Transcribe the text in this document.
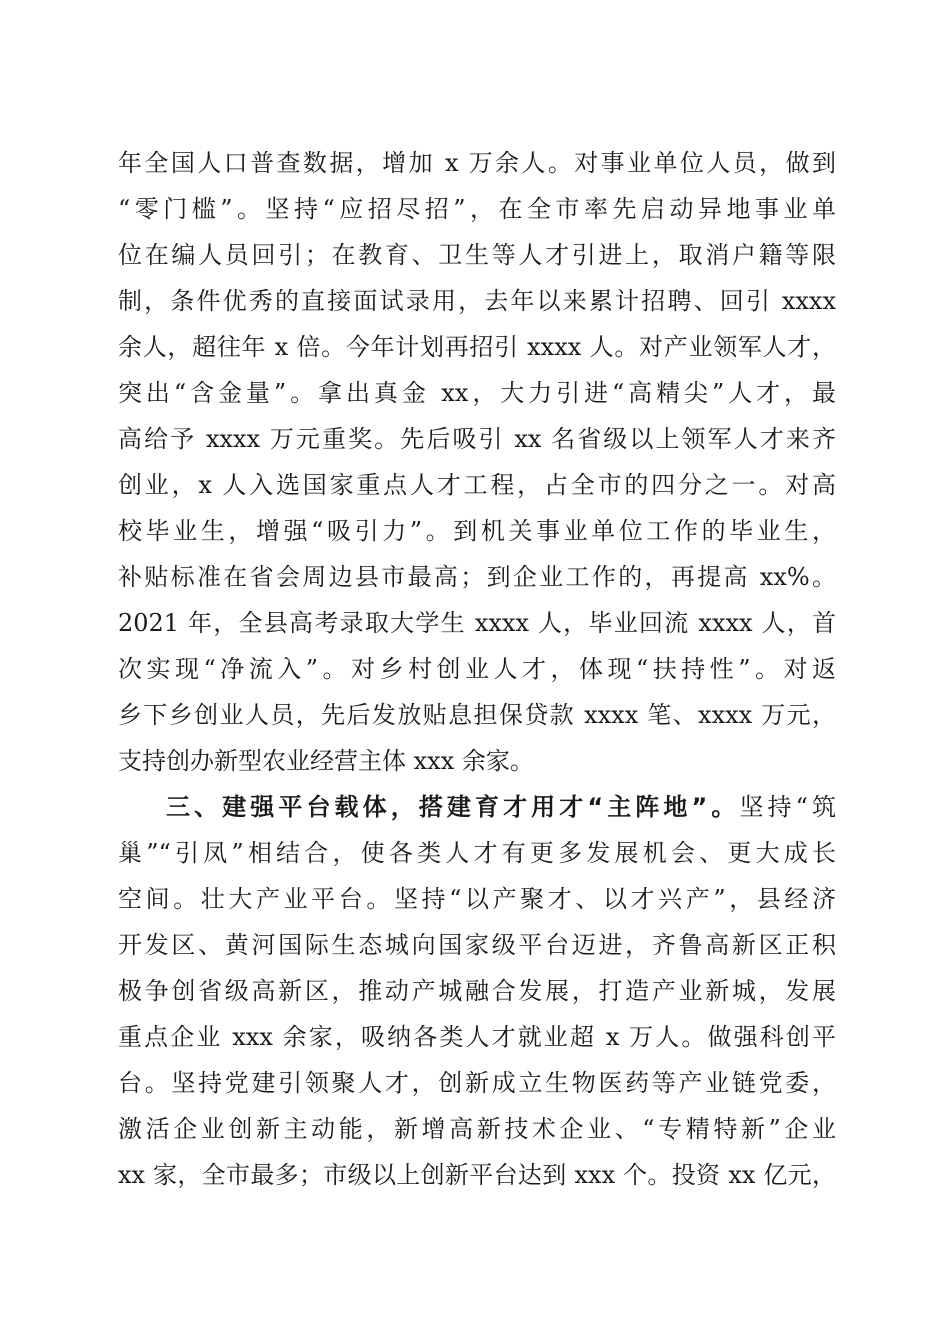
年全国人口普查数据，增加 x 万余人。对事业单位人员，做到
“零门槛”。坚持“应招尽招”，在全市率先启动异地事业单
位在编人员回引；在教育、卫生等人才引进上，取消户籍等限
制，条件优秀的直接面试录用，去年以来累计招聘、回引 xxxx
余人，超往年 x 倍。今年计划再招引 xxxx 人。对产业领军人才，
突出“含金量”。拿出真金 xx，大力引进“高精尖”人才，最
高给予 xxxx 万元重奖。先后吸引 xx 名省级以上领军人才来齐
创业，x 人入选国家重点人才工程，占全市的四分之一。对高
校毕业生，增强“吸引力”。到机关事业单位工作的毕业生，
补贴标准在省会周边县市最高；到企业工作的，再提高 xx%。
2021 年，全县高考录取大学生 xxxx 人，毕业回流 xxxx 人，首
次实现“净流入”。对乡村创业人才，体现“扶持性”。对返
乡下乡创业人员，先后发放贴息担保贷款 xxxx 笔、xxxx 万元，
支持创办新型农业经营主体 xxx 余家。
三、建强平台载体，搭建育才用才“主阵地”。坚持“筑
巢”“引凤”相结合，使各类人才有更多发展机会、更大成长
空间。壮大产业平台。坚持“以产聚才、以才兴产”，县经济
开发区、黄河国际生态城向国家级平台迈进，齐鲁高新区正积
极争创省级高新区，推动产城融合发展，打造产业新城，发展
重点企业 xxx 余家，吸纳各类人才就业超 x 万人。做强科创平
台。坚持党建引领聚人才，创新成立生物医药等产业链党委，
激活企业创新主动能，新增高新技术企业、“专精特新”企业
xx 家，全市最多；市级以上创新平台达到 xxx 个。投资 xx 亿元，
